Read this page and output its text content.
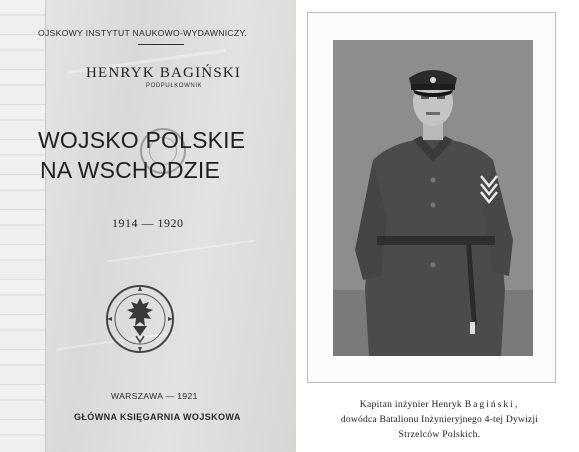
OJSKOWY INSTYTUT NAUKOWO-WYDAWNICZY.
HENRYK BAGIŃSKI
PODPUŁKOWNIK
WOJSKO POLSKIE
NA WSCHODZIE
1914 — 1920
WARSZAWA — 1921
GŁÓWNA KSIĘGARNIA WOJSKOWA
Kapitan inżynier Henryk Bagiński,
dowódca Batalionu Inżynieryjnego 4-tej Dywizji
Strzelców Polskich.
